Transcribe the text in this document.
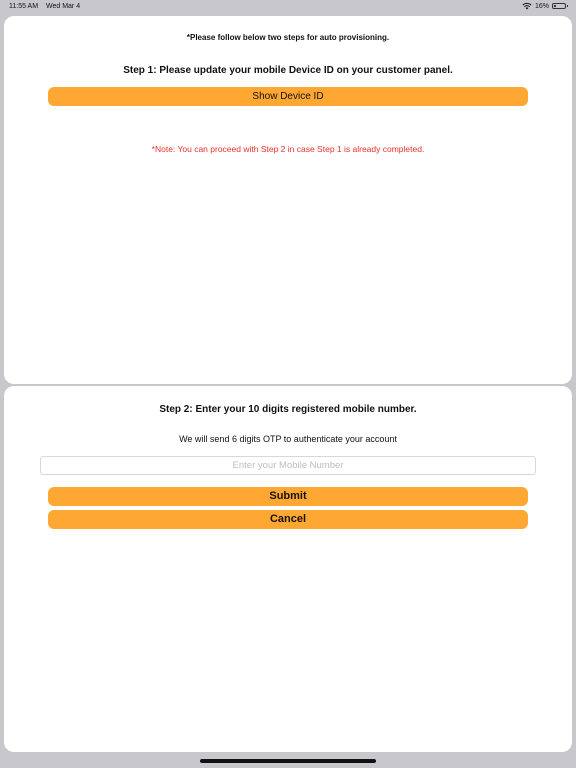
11:55 AM Wed Mar 4	16%
*Please follow below two steps for auto provisioning.
Step 1: Please update your mobile Device ID on your customer panel.
Show Device ID
*Note: You can proceed with Step 2 in case Step 1 is already completed.
Step 2: Enter your 10 digits registered mobile number.
We will send 6 digits OTP to authenticate your account
Enter your Mobile Number
Submit
Cancel
